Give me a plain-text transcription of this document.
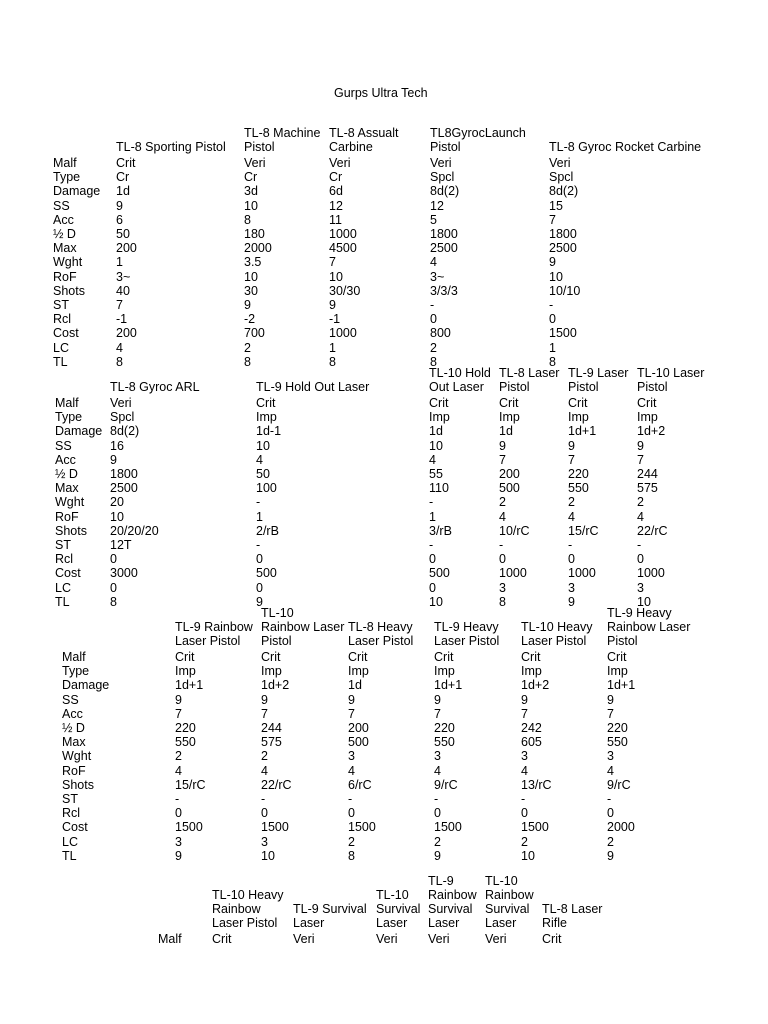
Gurps Ultra Tech
Malf
Type
Damage
SS
Acc
½ D
Max
Wght
RoF
Shots
ST
Rcl
Cost
LC
TL
TL-8 Sporting Pistol
Crit
Cr
1d
9
6
50
200
1
3~
40
7
-1
200
4
8
TL-8 Machine Pistol
Veri
Cr
3d
10
8
180
2000
3.5
10
30
9
-2
700
2
8
TL-8 Assualt Carbine
Veri
Cr
6d
12
11
1000
4500
7
10
30/30
9
-1
1000
1
8
TL8GyrocLaunch Pistol
Veri
Spcl
8d(2)
12
5
1800
2500
4
3~
3/3/3
-
0
800
2
8
TL-8 Gyroc Rocket Carbine
Veri
Spcl
8d(2)
15
7
1800
2500
9
10
10/10
-
0
1500
1
8
Malf
Type
Damage
SS
Acc
½ D
Max
Wght
RoF
Shots
ST
Rcl
Cost
LC
TL
TL-8 Gyroc ARL
Veri
Spcl
8d(2)
16
9
1800
2500
20
10
20/20/20
12T
0
3000
0
8
TL-9 Hold Out Laser
Crit
Imp
1d-1
10
4
50
100
-
1
2/rB
-
0
500
0
9
TL-10 Hold Out Laser
Crit
Imp
1d
10
4
55
110
-
1
3/rB
-
0
500
0
10
TL-8 Laser Pistol
Crit
Imp
1d
9
7
200
500
2
4
10/rC
-
0
1000
3
8
TL-9 Laser Pistol
Crit
Imp
1d+1
9
7
220
550
2
4
15/rC
-
0
1000
3
9
TL-10 Laser Pistol
Crit
Imp
1d+2
9
7
244
575
2
4
22/rC
-
0
1000
3
10
Malf
Type
Damage
SS
Acc
½ D
Max
Wght
RoF
Shots
ST
Rcl
Cost
LC
TL
TL-9 Rainbow Laser Pistol
Crit
Imp
1d+1
9
7
220
550
2
4
15/rC
-
0
1500
3
9
TL-10 Rainbow Laser Pistol
Crit
Imp
1d+2
9
7
244
575
2
4
22/rC
-
0
1500
3
10
TL-8 Heavy Laser Pistol
Crit
Imp
1d
9
7
200
500
3
4
6/rC
-
0
1500
2
8
TL-9 Heavy Laser Pistol
Crit
Imp
1d+1
9
7
220
550
3
4
9/rC
-
0
1500
2
9
TL-10 Heavy Laser Pistol
Crit
Imp
1d+2
9
7
242
605
3
4
13/rC
-
0
1500
2
10
TL-9 Heavy Rainbow Laser Pistol
Crit
Imp
1d+1
9
7
220
550
3
4
9/rC
-
0
2000
2
9
Malf
TL-10 Heavy Rainbow Laser Pistol
Crit
TL-9 Survival Laser
Veri
TL-10 Survival Laser
Veri
TL-9 Rainbow Survival Laser
Veri
TL-10 Rainbow Survival Laser
Veri
TL-8 Laser Rifle
Crit
